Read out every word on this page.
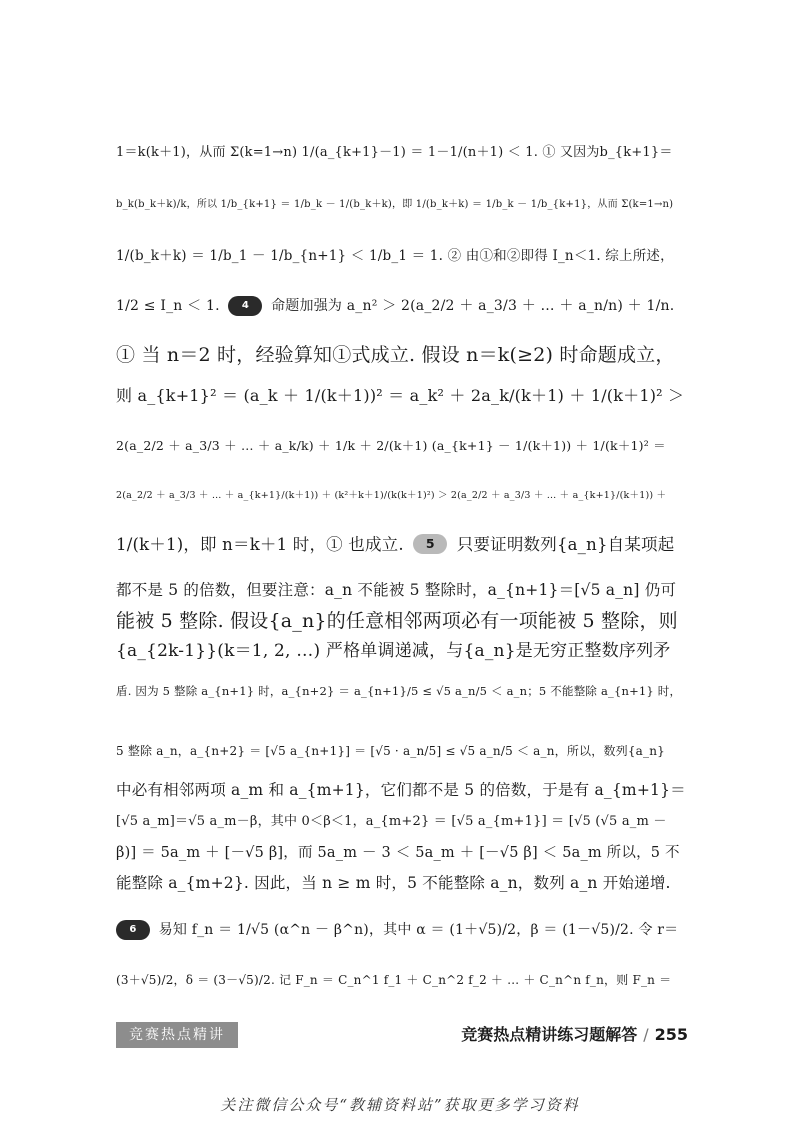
1＝k(k＋1)，从而 Σ(k=1→n) 1/(a_{k+1}－1) ＝ 1－1/(n＋1) ＜ 1. ① 又因为b_{k+1}＝
b_k(b_k＋k)/k，所以 1/b_{k+1} ＝ 1/b_k － 1/(b_k＋k)，即 1/(b_k＋k) ＝ 1/b_k － 1/b_{k+1}，从而 Σ(k=1→n)
1/(b_k＋k) ＝ 1/b_1 － 1/b_{n+1} ＜ 1/b_1 ＝ 1. ② 由①和②即得 I_n＜1. 综上所述，
1/2 ≤ I_n ＜ 1. 4 命题加强为 a_n² ＞ 2(a_2/2 ＋ a_3/3 ＋ … ＋ a_n/n) ＋ 1/n.
① 当 n＝2 时，经验算知①式成立. 假设 n＝k(≥2) 时命题成立，
则 a_{k+1}² ＝ (a_k ＋ 1/(k＋1))² ＝ a_k² ＋ 2a_k/(k＋1) ＋ 1/(k＋1)² ＞
2(a_2/2 ＋ a_3/3 ＋ … ＋ a_k/k) ＋ 1/k ＋ 2/(k＋1) (a_{k+1} － 1/(k＋1)) ＋ 1/(k＋1)² ＝
2(a_2/2 ＋ a_3/3 ＋ … ＋ a_{k+1}/(k＋1)) ＋ (k²＋k＋1)/(k(k＋1)²) ＞ 2(a_2/2 ＋ a_3/3 ＋ … ＋ a_{k+1}/(k＋1)) ＋
1/(k＋1)，即 n＝k＋1 时，① 也成立. 5 只要证明数列{a_n}自某项起
都不是 5 的倍数，但要注意：a_n 不能被 5 整除时，a_{n+1}＝[√5 a_n] 仍可
能被 5 整除. 假设{a_n}的任意相邻两项必有一项能被 5 整除，则
{a_{2k-1}}(k＝1, 2, …) 严格单调递减，与{a_n}是无穷正整数序列矛
盾. 因为 5 整除 a_{n+1} 时，a_{n+2} ＝ a_{n+1}/5 ≤ √5 a_n/5 ＜ a_n；5 不能整除 a_{n+1} 时，
5 整除 a_n，a_{n+2} ＝ [√5 a_{n+1}] ＝ [√5 · a_n/5] ≤ √5 a_n/5 ＜ a_n，所以，数列{a_n}
中必有相邻两项 a_m 和 a_{m+1}，它们都不是 5 的倍数，于是有 a_{m+1}＝
[√5 a_m]＝√5 a_m－β，其中 0＜β＜1，a_{m+2} ＝ [√5 a_{m+1}] ＝ [√5 (√5 a_m －
β)] ＝ 5a_m ＋ [－√5 β]，而 5a_m － 3 ＜ 5a_m ＋ [－√5 β] ＜ 5a_m 所以，5 不
能整除 a_{m+2}. 因此，当 n ≥ m 时，5 不能整除 a_n，数列 a_n 开始递增.
6 易知 f_n ＝ 1/√5 (α^n － β^n)，其中 α ＝ (1＋√5)/2，β ＝ (1－√5)/2. 令 r＝
(3＋√5)/2，δ ＝ (3－√5)/2. 记 F_n ＝ C_n^1 f_1 ＋ C_n^2 f_2 ＋ … ＋ C_n^n f_n，则 F_n ＝
竞赛热点精讲	竞赛热点精讲练习题解答 / 255
关注微信公众号“教辅资料站”获取更多学习资料
